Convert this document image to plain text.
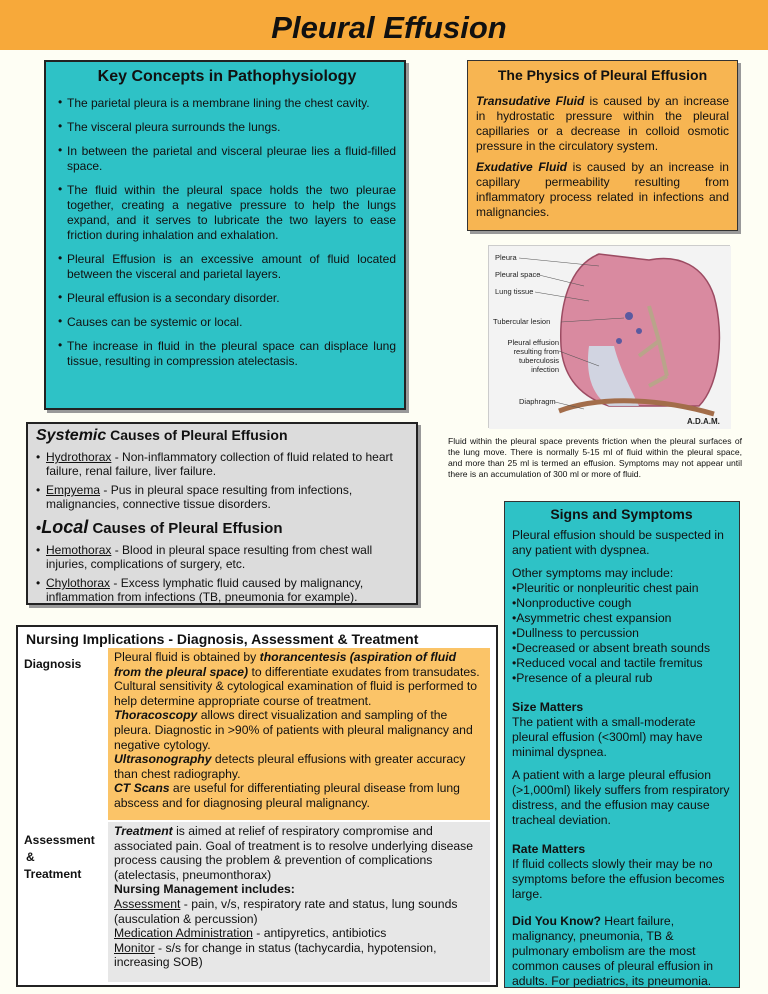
Pleural Effusion
Key Concepts in Pathophysiology
• The parietal pleura is a membrane lining the chest cavity.
• The visceral pleura surrounds the lungs.
• In between the parietal and visceral pleurae lies a fluid-filled space.
• The fluid within the pleural space holds the two pleurae together, creating a negative pressure to help the lungs expand, and it serves to lubricate the two layers to ease friction during inhalation and exhalation.
• Pleural Effusion is an excessive amount of fluid located between the visceral and parietal layers.
• Pleural effusion is a secondary disorder.
• Causes can be systemic or local.
• The increase in fluid in the pleural space can displace lung tissue, resulting in compression atelectasis.
The Physics of Pleural Effusion

Transudative Fluid is caused by an increase in hydrostatic pressure within the pleural capillaries or a decrease in colloid osmotic pressure in the circulatory system.

Exudative Fluid is caused by an increase in capillary permeability resulting from inflammatory process related in infections and malignancies.

Pleura
Pleural space
Lung tissue
Tubercular lesion
Pleural effusion resulting from tuberculosis infection
Diaphragm
A.D.A.M.
Fluid within the pleural space prevents friction when the pleural surfaces of the lung move. There is normally 5-15 ml of fluid within the pleural space, and more than 25 ml is termed an effusion. Symptoms may not appear until there is an accumulation of 300 ml or more of fluid.
Systemic Causes of Pleural Effusion
• Hydrothorax - Non-inflammatory collection of fluid related to heart failure, renal failure, liver failure.
• Empyema - Pus in pleural space resulting from infections, malignancies, connective tissue disorders.
•Local Causes of Pleural Effusion
• Hemothorax - Blood in pleural space resulting from chest wall injuries, complications of surgery, etc.
• Chylothorax - Excess lymphatic fluid caused by malignancy, inflammation from infections (TB, pneumonia for example).
Nursing Implications - Diagnosis, Assessment & Treatment
Diagnosis
Assessment
&
Treatment
Pleural fluid is obtained by thorancentesis (aspiration of fluid from the pleural space) to differentiate exudates from transudates. Cultural sensitivity & cytological examination of fluid is performed to help determine appropriate course of treatment.
Thoracoscopy allows direct visualization and sampling of the pleura. Diagnostic in >90% of patients with pleural malignancy and negative cytology.
Ultrasonography detects pleural effusions with greater accuracy than chest radiography.
CT Scans are useful for differentiating pleural disease from lung abscess and for diagnosing pleural malignancy.
Treatment is aimed at relief of respiratory compromise and associated pain. Goal of treatment is to resolve underlying disease process causing the problem & prevention of complications (atelectasis, pneumonthorax)
Nursing Management includes:
Assessment - pain, v/s, respiratory rate and status, lung sounds (ausculation & percussion)
Medication Administration - antipyretics, antibiotics
Monitor - s/s for change in status (tachycardia, hypotension, increasing SOB)
Signs and Symptoms

Pleural effusion should be suspected in any patient with dyspnea.

Other symptoms may include:

•Pleuritic or nonpleuritic chest pain
•Nonproductive cough
•Asymmetric chest expansion
•Dullness to percussion
•Decreased or absent breath sounds
•Reduced vocal and tactile fremitus
•Presence of a pleural rub

Size Matters
The patient with a small-moderate pleural effusion (<300ml) may have minimal dyspnea.

A patient with a large pleural effusion (>1,000ml) likely suffers from respiratory distress, and the effusion may cause tracheal deviation.

Rate Matters
If fluid collects slowly their may be no symptoms before the effusion becomes large.

Did You Know? Heart failure, malignancy, pneumonia, TB & pulmonary embolism are the most common causes of pleural effusion in adults. For pediatrics, its pneumonia.
